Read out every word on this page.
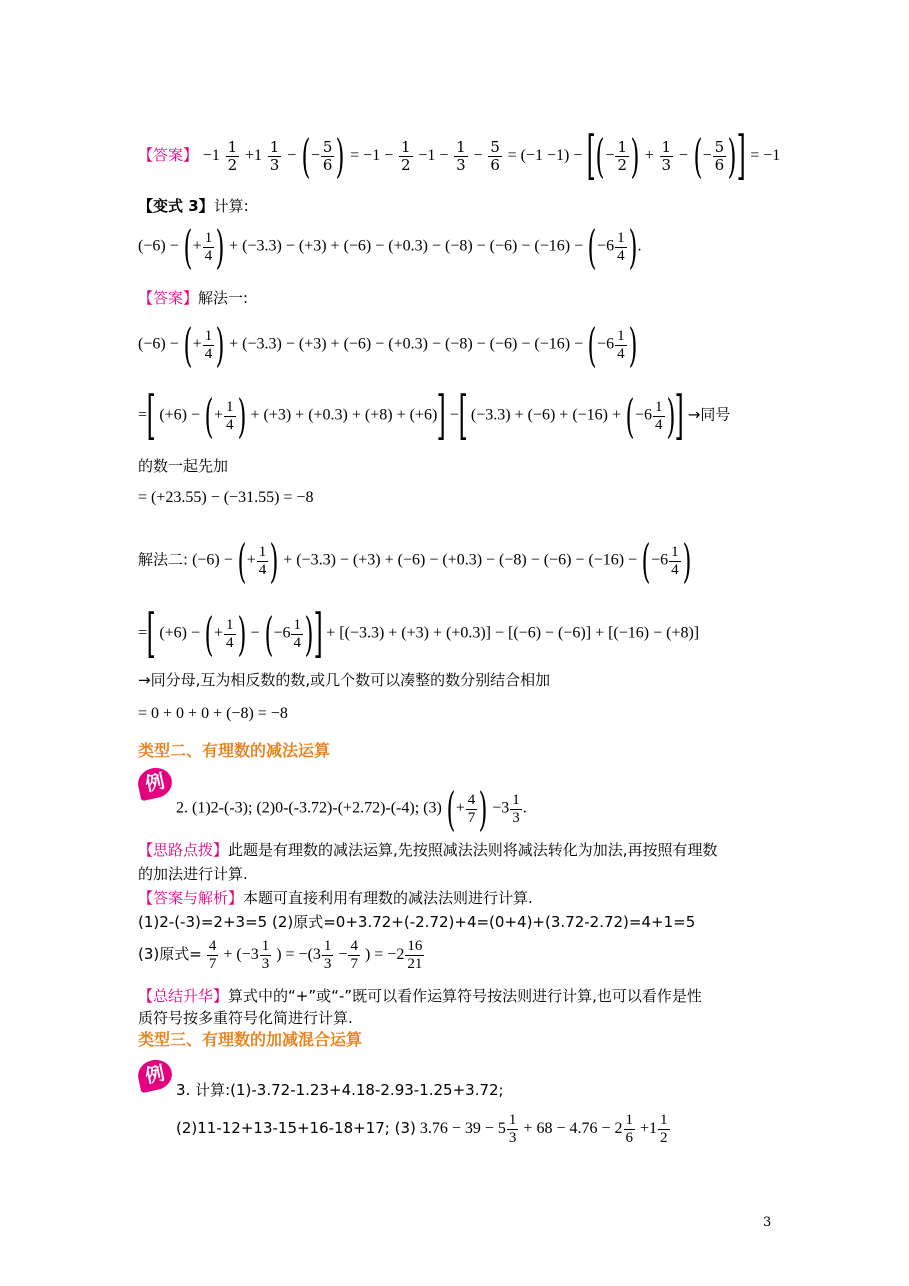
【答案】 $-1 \frac{1}{2} +1 \frac{1}{3}$ − (− $\frac{5}{6}$ ) = $-1 - \frac{1}{2} -1 - \frac{1}{3} - \frac{5}{6} = (-1 -1)$ − [(− $\frac{1}{2}$ ) + $\frac{1}{3}$ − (− $\frac{5}{6}$ )] = −1
【变式 3】计算:
(−6) − (+ $\frac{1}{4}$ ) + $(-3.3) - (+3) + (-6) - (+0.3) - (-8) - (-6) - (-16) - (-6 \frac{1}{4}$ ).
【答案】解法一:
(−6) − (+ $\frac{1}{4}$ ) + $(-3.3) - (+3) + (-6) - (+0.3) - (-8) - (-6) - (-16) - (-6 \frac{1}{4}$ )
=[ (+6) − (+ $\frac{1}{4}$ ) + (+3) + (+0.3) + (+8) + (+6)] −[ $(-3.3) + (-6) + (-16) + (-6 \frac{1}{4}$ )] →同号
的数一起先加
= (+23.55) − (−31.55) = −8
解法二: (−6) − (+ $\frac{1}{4}$ ) + $(-3.3) - (+3) + (-6) - (+0.3) - (-8) - (-6) - (-16) - (-6 \frac{1}{4}$ )
=[ (+6) − (+ $\frac{1}{4}$ ) − ($-6 \frac{1}{4}$ )] + [(−3.3) + (+3) + (+0.3)] − [(−6) − (−6)] + [(−16) − (+8)]
→同分母,互为相反数的数,或几个数可以凑整的数分别结合相加
= 0 + 0 + 0 + (−8) = −8
类型二、有理数的减法运算
例
2. (1)2-(-3); (2)0-(-3.72)-(+2.72)-(-4); (3) (+ $\frac{4}{7}$ ) $-3 \frac{1}{3}$ .
【思路点拨】此题是有理数的减法运算,先按照减法法则将减法转化为加法,再按照有理数
的加法进行计算.
【答案与解析】本题可直接利用有理数的减法法则进行计算.
(1)2-(-3)=2+3=5 (2)原式=0+3.72+(-2.72)+4=(0+4)+(3.72-2.72)=4+1=5
(3)原式= $\frac{4}{7} + (-3 \frac{1}{3}$ ) = $-(3 \frac{1}{3} - \frac{4}{7}$ ) = $-2 \frac{16}{21}$
【总结升华】算式中的“+”或“-”既可以看作运算符号按法则进行计算,也可以看作是性
质符号按多重符号化简进行计算.
类型三、有理数的加减混合运算
例
3. 计算:(1)-3.72-1.23+4.18-2.93-1.25+3.72;
(2)11-12+13-15+16-18+17; (3) $3.76 - 39 - 5 \frac{1}{3} + 68 - 4.76 - 2 \frac{1}{6} +1 \frac{1}{2}$
3
